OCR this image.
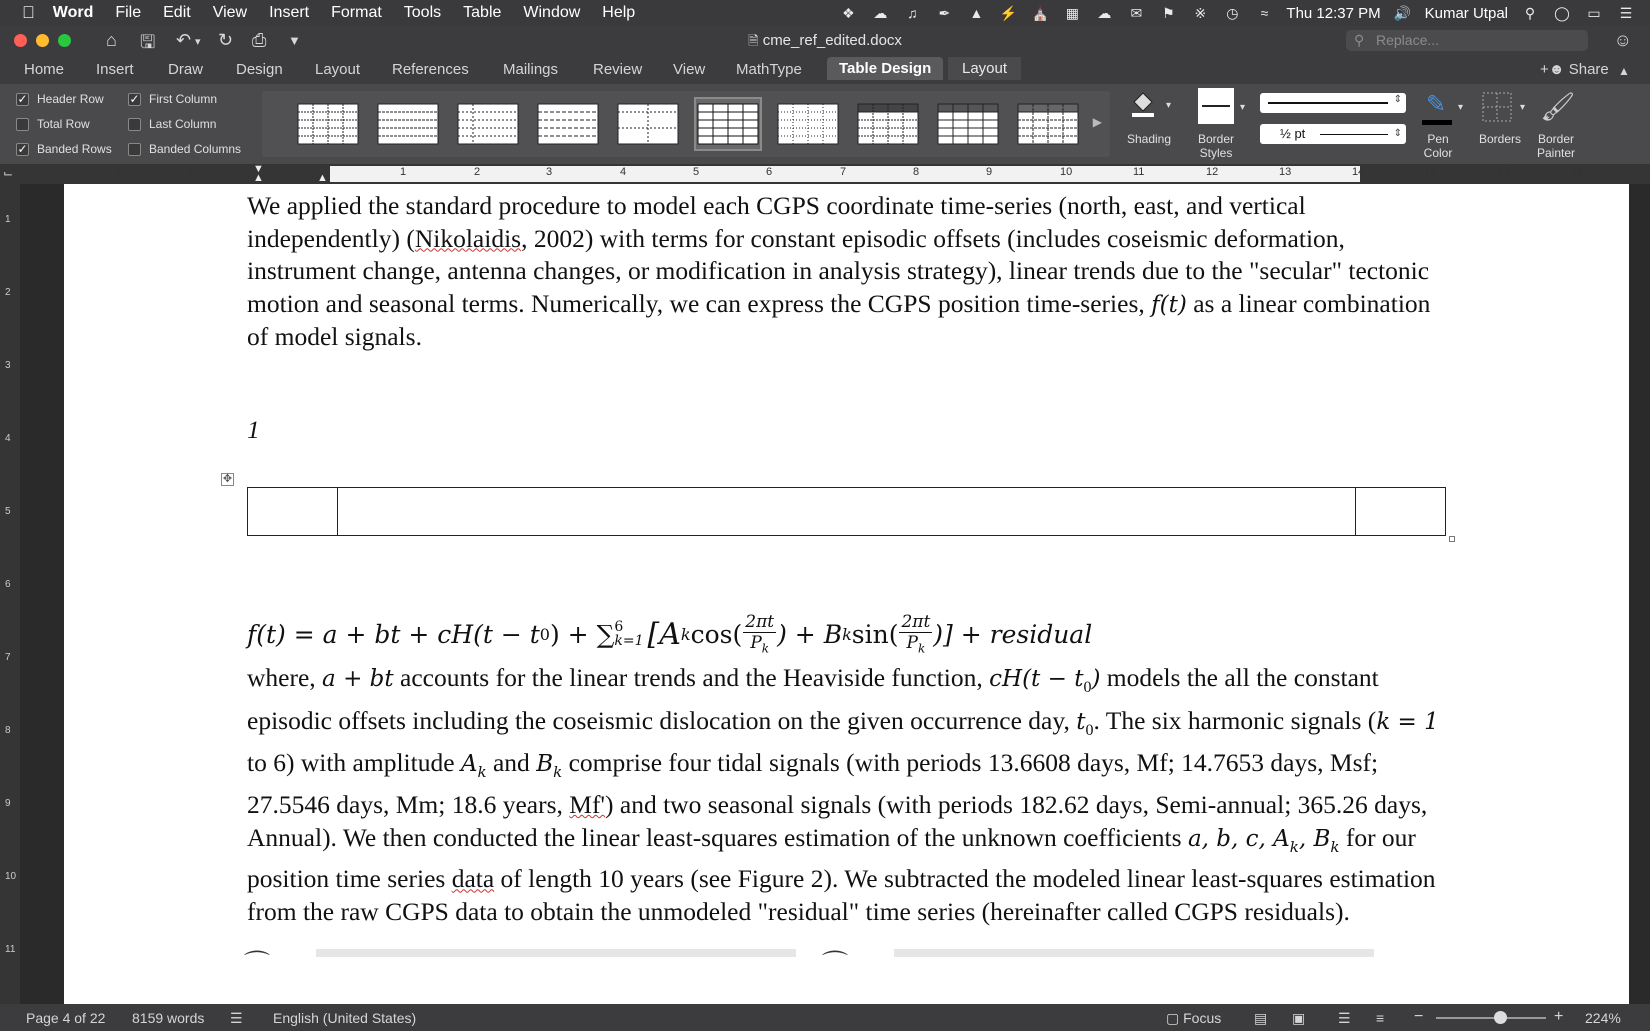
Word File Edit View Insert Format Tools Table Window Help	❖ ☁	♫	✒ ▲ ⚡ ⛪ ▦ ☁ ✉ ⚑ ※ ◷	≈	Thu 12:37 PM 🔊 Kumar Utpal	⚲	◯ ▭ ☰
⌂ 🖫 ↶ ▾ ↻ ⎙ ▼	🗎 cme_ref_edited.docx	⚲ Replace...	☺
Home Insert Draw Design Layout References Mailings Review View MathType	Table Design	Layout	+☻ Share ▲
✓ Header Row ✓ First Column
Total Row	Last Column
✓ Banded Rows	Banded Columns
▶
▾
Shading
▾
Border Styles
⇕
½ pt	⇕
✎ ▾
Pen Color
▾
Borders
🖌
Border Painter
2	1	1	2	3	4	5	6	7	8	9	10	11	12	13	14	16	17	18
▼
▲	▲
⌙
1
2
3
4
5
6
7
8
9
10
11
We applied the standard procedure to model each CGPS coordinate time-series (north, east, and vertical independently) (Nikolaidis, 2002) with terms for constant episodic offsets (includes coseismic deformation, instrument change, antenna changes, or modification in analysis strategy), linear trends due to the "secular" tectonic motion and seasonal terms. Numerically, we can express the CGPS position time-series, f(t) as a linear combination of model signals.
1
✥
f(t) = a + bt + cH(t − t 0 ) + ∑ 6
k=1 [A k $\cos( \frac{2\pi t}{P_k}$ ) + B k $\sin( \frac{2\pi t}{P_k}$ )] + residual
where, a + bt accounts for the linear trends and the Heaviside function, $cH(t - t_0)$ models the all the constant episodic offsets including the coseismic dislocation on the given occurrence day, $t_0$. The six harmonic signals (k = 1 to 6) with amplitude $A_k$ and $B_k$ comprise four tidal signals (with periods 13.6608 days, Mf; 14.7653 days, Msf; 27.5546 days, Mm; 18.6 years, Mf') and two seasonal signals (with periods 182.62 days, Semi-annual; 365.26 days, Annual). We then conducted the linear least-squares estimation of the unknown coefficients a, b, c, $A_k$, $B_k$ for our position time series data of length 10 years (see Figure 2). We subtracted the modeled linear least-squares estimation from the raw CGPS data to obtain the unmodeled "residual" time series (hereinafter called CGPS residuals).
⌒	⌒
Page 4 of 22 8159 words ☰ English (United States)	▢ Focus ▤ ▣ ☰ ≡ −	+ 224%
